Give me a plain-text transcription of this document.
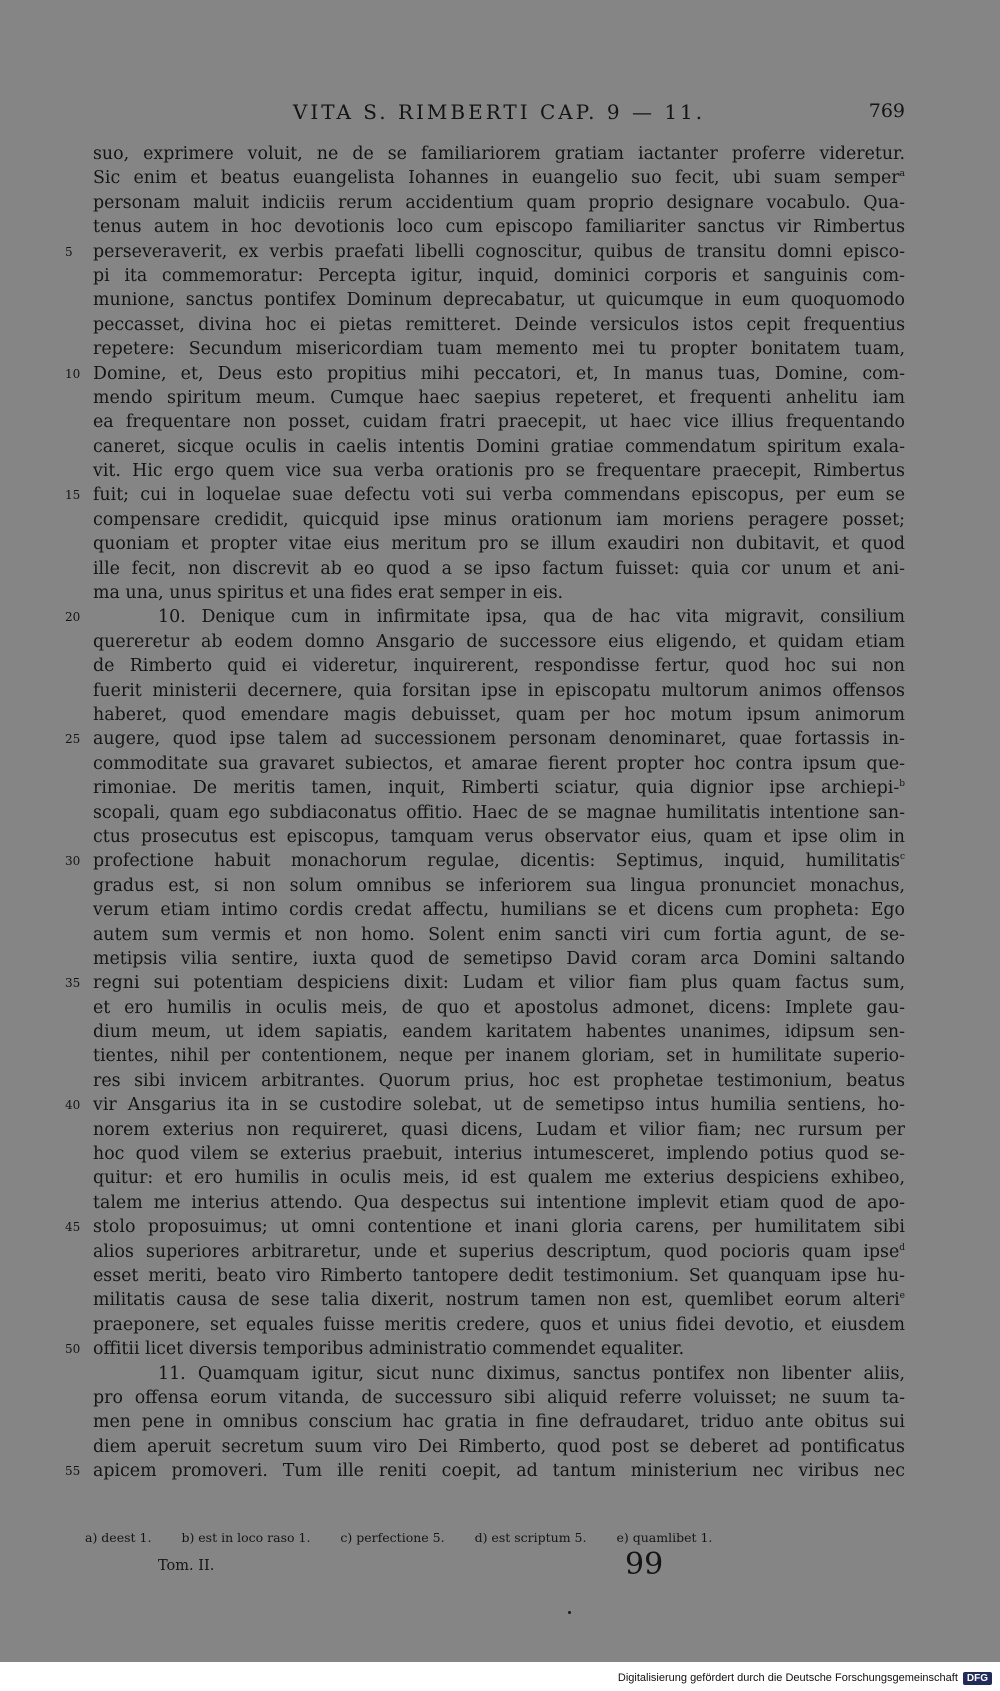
VITA S. RIMBERTI CAP. 9 — 11.	769
suo, exprimere voluit, ne de se familiariorem gratiam iactanter proferre videretur.
Sic enim et beatus euangelista Iohannes in euangelio suo fecit, ubi suam semper$^a$
personam maluit indiciis rerum accidentium quam proprio designare vocabulo. Qua-
tenus autem in hoc devotionis loco cum episcopo familiariter sanctus vir Rimbertus
5	perseveraverit, ex verbis praefati libelli cognoscitur, quibus de transitu domni episco-
pi ita commemoratur: Percepta igitur, inquid, dominici corporis et sanguinis com-
munione, sanctus pontifex Dominum deprecabatur, ut quicumque in eum quoquomodo
peccasset, divina hoc ei pietas remitteret. Deinde versiculos istos cepit frequentius
repetere: Secundum misericordiam tuam memento mei tu propter bonitatem tuam,
10 Domine, et, Deus esto propitius mihi peccatori, et, In manus tuas, Domine, com-
mendo spiritum meum. Cumque haec saepius repeteret, et frequenti anhelitu iam
ea frequentare non posset, cuidam fratri praecepit, ut haec vice illius frequentando
caneret, sicque oculis in caelis intentis Domini gratiae commendatum spiritum exala-
vit. Hic ergo quem vice sua verba orationis pro se frequentare praecepit, Rimbertus
15 fuit; cui in loquelae suae defectu voti sui verba commendans episcopus, per eum se
compensare credidit, quicquid ipse minus orationum iam moriens peragere posset;
quoniam et propter vitae eius meritum pro se illum exaudiri non dubitavit, et quod
ille fecit, non discrevit ab eo quod a se ipso factum fuisset: quia cor unum et ani-
ma una, unus spiritus et una fides erat semper in eis.
20	10. Denique cum in infirmitate ipsa, qua de hac vita migravit, consilium
quereretur ab eodem domno Ansgario de successore eius eligendo, et quidam etiam
de Rimberto quid ei videretur, inquirerent, respondisse fertur, quod hoc sui non
fuerit ministerii decernere, quia forsitan ipse in episcopatu multorum animos offensos
haberet, quod emendare magis debuisset, quam per hoc motum ipsum animorum
25 augere, quod ipse talem ad successionem personam denominaret, quae fortassis in-
commoditate sua gravaret subiectos, et amarae fierent propter hoc contra ipsum que-
rimoniae. De meritis tamen, inquit, Rimberti sciatur, quia dignior ipse archiepi-$^b$
scopali, quam ego subdiaconatus offitio. Haec de se magnae humilitatis intentione san-
ctus prosecutus est episcopus, tamquam verus observator eius, quam et ipse olim in
30 profectione habuit monachorum regulae, dicentis: Septimus, inquid, humilitatis$^c$
gradus est, si non solum omnibus se inferiorem sua lingua pronunciet monachus,
verum etiam intimo cordis credat affectu, humilians se et dicens cum propheta: Ego
autem sum vermis et non homo. Solent enim sancti viri cum fortia agunt, de se-
metipsis vilia sentire, iuxta quod de semetipso David coram arca Domini saltando
35 regni sui potentiam despiciens dixit: Ludam et vilior fiam plus quam factus sum,
et ero humilis in oculis meis, de quo et apostolus admonet, dicens: Implete gau-
dium meum, ut idem sapiatis, eandem karitatem habentes unanimes, idipsum sen-
tientes, nihil per contentionem, neque per inanem gloriam, set in humilitate superio-
res sibi invicem arbitrantes. Quorum prius, hoc est prophetae testimonium, beatus
40 vir Ansgarius ita in se custodire solebat, ut de semetipso intus humilia sentiens, ho-
norem exterius non requireret, quasi dicens, Ludam et vilior fiam; nec rursum per
hoc quod vilem se exterius praebuit, interius intumesceret, implendo potius quod se-
quitur: et ero humilis in oculis meis, id est qualem me exterius despiciens exhibeo,
talem me interius attendo. Qua despectus sui intentione implevit etiam quod de apo-
45 stolo proposuimus; ut omni contentione et inani gloria carens, per humilitatem sibi
alios superiores arbitraretur, unde et superius descriptum, quod pocioris quam ipse$^d$
esset meriti, beato viro Rimberto tantopere dedit testimonium. Set quanquam ipse hu-
militatis causa de sese talia dixerit, nostrum tamen non est, quemlibet eorum alteri$^e$
praeponere, set equales fuisse meritis credere, quos et unius fidei devotio, et eiusdem
50 offitii licet diversis temporibus administratio commendet equaliter.
11. Quamquam igitur, sicut nunc diximus, sanctus pontifex non libenter aliis,
pro offensa eorum vitanda, de successuro sibi aliquid referre voluisset; ne suum ta-
men pene in omnibus conscium hac gratia in fine defraudaret, triduo ante obitus sui
diem aperuit secretum suum viro Dei Rimberto, quod post se deberet ad pontificatus
55 apicem promoveri. Tum ille reniti coepit, ad tantum ministerium nec viribus nec
a) deest 1. b) est in loco raso 1. c) perfectione 5. d) est scriptum 5. e) quamlibet 1.
Tom. II.	99
Digitalisierung gefördert durch die Deutsche Forschungsgemeinschaft DFG
